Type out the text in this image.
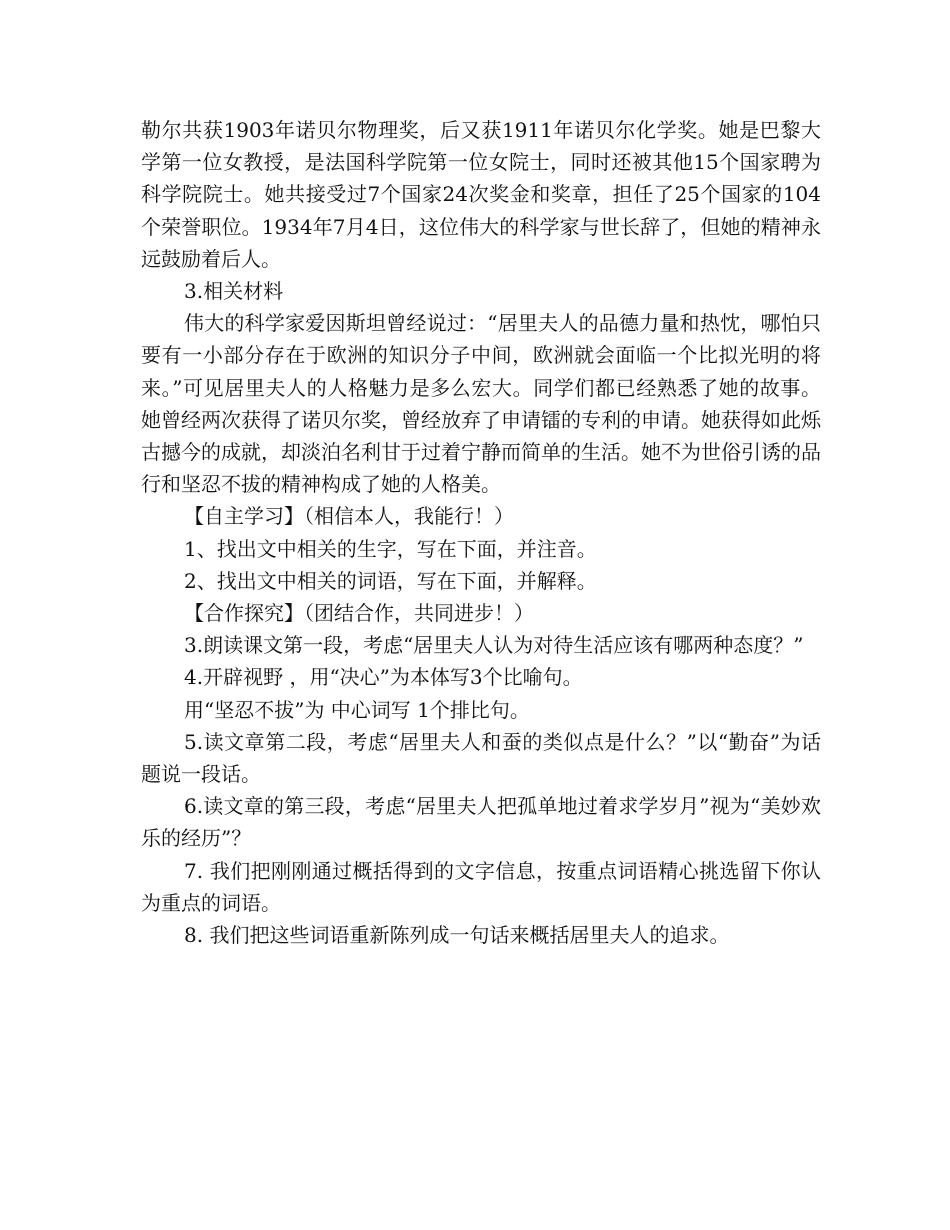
勒尔共获1903年诺贝尔物理奖，后又获1911年诺贝尔化学奖。她是巴黎大学第一位女教授，是法国科学院第一位女院士，同时还被其他15个国家聘为科学院院士。她共接受过7个国家24次奖金和奖章，担任了25个国家的104个荣誉职位。1934年7月4日，这位伟大的科学家与世长辞了，但她的精神永远鼓励着后人。

3.相关材料

伟大的科学家爱因斯坦曾经说过：“居里夫人的品德力量和热忱，哪怕只要有一小部分存在于欧洲的知识分子中间，欧洲就会面临一个比拟光明的将来。”可见居里夫人的人格魅力是多么宏大。同学们都已经熟悉了她的故事。她曾经两次获得了诺贝尔奖，曾经放弃了申请镭的专利的申请。她获得如此烁古撼今的成就，却淡泊名利甘于过着宁静而简单的生活。她不为世俗引诱的品行和坚忍不拔的精神构成了她的人格美。

【自主学习】（相信本人，我能行！）

1、找出文中相关的生字，写在下面，并注音。

2、找出文中相关的词语，写在下面，并解释。

【合作探究】（团结合作，共同进步！）

3.朗读课文第一段，考虑“居里夫人认为对待生活应该有哪两种态度？”

4.开辟视野 ，用“决心”为本体写3个比喻句。

用“坚忍不拔”为 中心词写 1个排比句。

5.读文章第二段，考虑“居里夫人和蚕的类似点是什么？”以“勤奋”为话题说一段话。

6.读文章的第三段，考虑“居里夫人把孤单地过着求学岁月”视为“美妙欢乐的经历”？

7. 我们把刚刚通过概括得到的文字信息，按重点词语精心挑选留下你认为重点的词语。

8. 我们把这些词语重新陈列成一句话来概括居里夫人的追求。
